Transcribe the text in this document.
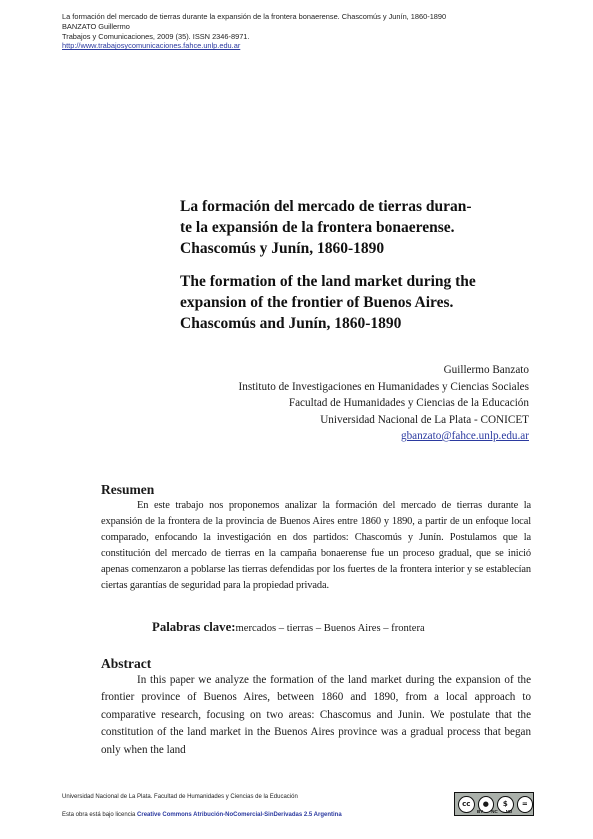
La formación del mercado de tierras durante la expansión de la frontera bonaerense. Chascomús y Junín, 1860-1890
BANZATO Guillermo
Trabajos y Comunicaciones, 2009 (35). ISSN 2346-8971.
http://www.trabajosycomunicaciones.fahce.unlp.edu.ar
La formación del mercado de tierras duran-
te la expansión de la frontera bonaerense.
Chascomús y Junín, 1860-1890
The formation of the land market during the
expansion of the frontier of Buenos Aires.
Chascomús and Junín, 1860-1890
Guillermo Banzato
Instituto de Investigaciones en Humanidades y Ciencias Sociales
Facultad de Humanidades y Ciencias de la Educación
Universidad Nacional de La Plata - CONICET
gbanzato@fahce.unlp.edu.ar
Resumen
En este trabajo nos proponemos analizar la formación del mercado de tierras durante la expansión de la frontera de la provincia de Buenos Aires entre 1860 y 1890, a partir de un enfoque local comparado, enfocando la investigación en dos partidos: Chascomús y Junín. Postulamos que la constitución del mercado de tierras en la campaña bonaerense fue un proceso gradual, que se inició apenas comenzaron a poblarse las tierras defendidas por los fuertes de la frontera interior y se establecían ciertas garantías de seguridad para la propiedad privada.
Palabras clave:mercados – tierras – Buenos Aires – frontera
Abstract
In this paper we analyze the formation of the land market during the expansion of the frontier province of Buenos Aires, between 1860 and 1890, from a local approach to comparative research, focusing on two areas: Chascomus and Junin. We postulate that the constitution of the land market in the Buenos Aires province was a gradual process that began only when the land
Universidad Nacional de La Plata. Facultad de Humanidades y Ciencias de la Educación
Esta obra está bajo licencia Creative Commons Atribución-NoComercial-SinDerivadas 2.5 Argentina
cc	●	$	=
BY NC ND
